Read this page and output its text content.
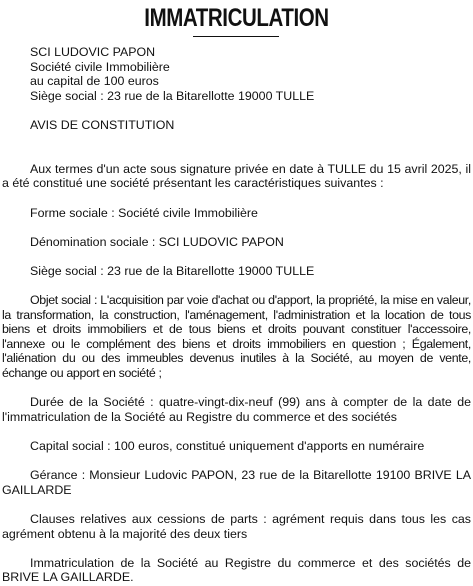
IMMATRICULATION

SCI LUDOVIC PAPON
Société civile Immobilière
au capital de 100 euros
Siège social : 23 rue de la Bitarellotte 19000 TULLE

AVIS DE CONSTITUTION

Aux termes d'un acte sous signature privée en date à TULLE du 15 avril 2025, il a été constitué une société présentant les caractéristiques suivantes :

Forme sociale : Société civile Immobilière

Dénomination sociale : SCI LUDOVIC PAPON

Siège social : 23 rue de la Bitarellotte 19000 TULLE

Objet social : L'acquisition par voie d'achat ou d'apport, la propriété, la mise en valeur, la transformation, la construction, l'aménagement, l'administration et la location de tous biens et droits immobiliers et de tous biens et droits pouvant constituer l'accessoire, l'annexe ou le complément des biens et droits immobiliers en question ; Également, l'aliénation du ou des immeubles devenus inutiles à la Société, au moyen de vente, échange ou apport en société ;

Durée de la Société : quatre-vingt-dix-neuf (99) ans à compter de la date de l'immatriculation de la Société au Registre du commerce et des sociétés

Capital social : 100 euros, constitué uniquement d'apports en numéraire

Gérance : Monsieur Ludovic PAPON, 23 rue de la Bitarellotte 19100 BRIVE LA GAILLARDE

Clauses relatives aux cessions de parts : agrément requis dans tous les cas agrément obtenu à la majorité des deux tiers

Immatriculation de la Société au Registre du commerce et des sociétés de BRIVE LA GAILLARDE.
